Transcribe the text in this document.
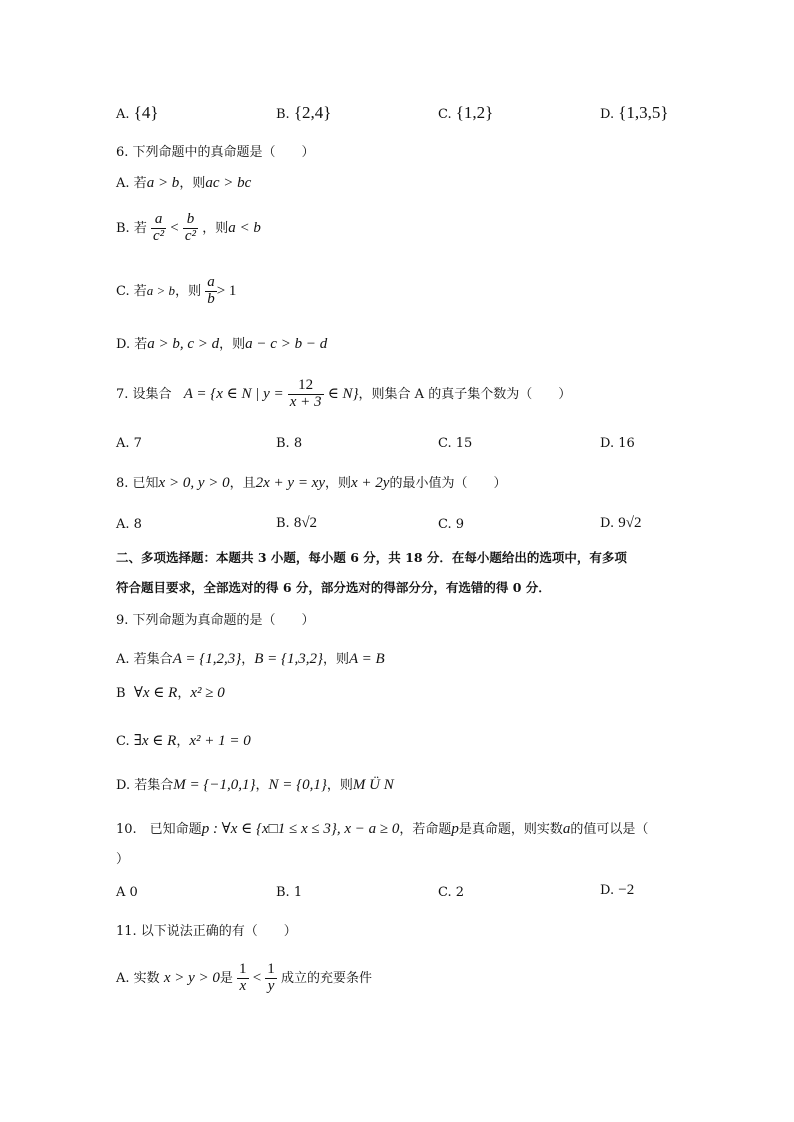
A. {4}	B. {2,4}	C. {1,2}	D. {1,3,5}
6. 下列命题中的真命题是（　　）
A. 若a > b，则ac > bc
B. 若 $\frac{a}{\text{c²}} < \frac{b}{\text{c²}}$ ，则a < b
C. 若a > b，则 $\frac{a}{b} > 1$
D. 若a > b, c > d，则a − c > b − d
7. 设集合 A = {x ∈ N | $y = \frac{12}{x + 3}$ ∈ N}，则集合 A 的真子集个数为（　　）
A. 7	B. 8	C. 15	D. 16
8. 已知x > 0, y > 0，且2x + y = xy，则x + 2y的最小值为（　　）
A. 8	B. 8√2	C. 9	D. 9√2
二、多项选择题：本题共 3 小题，每小题 6 分，共 18 分．在每小题给出的选项中，有多项
符合题目要求，全部选对的得 6 分，部分选对的得部分分，有选错的得 0 分．
9. 下列命题为真命题的是（　　）
A. 若集合A = {1,2,3}，B = {1,3,2}，则A = B
B ∀x ∈ R，x² ≥ 0
C. ∃x ∈ R，x² + 1 = 0
D. 若集合M = {−1,0,1}，N = {0,1}，则M Ü N
10.　已知命题p : ∀x ∈ {x□1 ≤ x ≤ 3}, x − a ≥ 0，若命题p是真命题，则实数a的值可以是（
）
A 0	B. 1	C. 2	D. −2
11. 以下说法正确的有（　　）
A. 实数 x > y > 0是 $\frac{1}{x} < \frac{1}{y}$ 成立的充要条件
